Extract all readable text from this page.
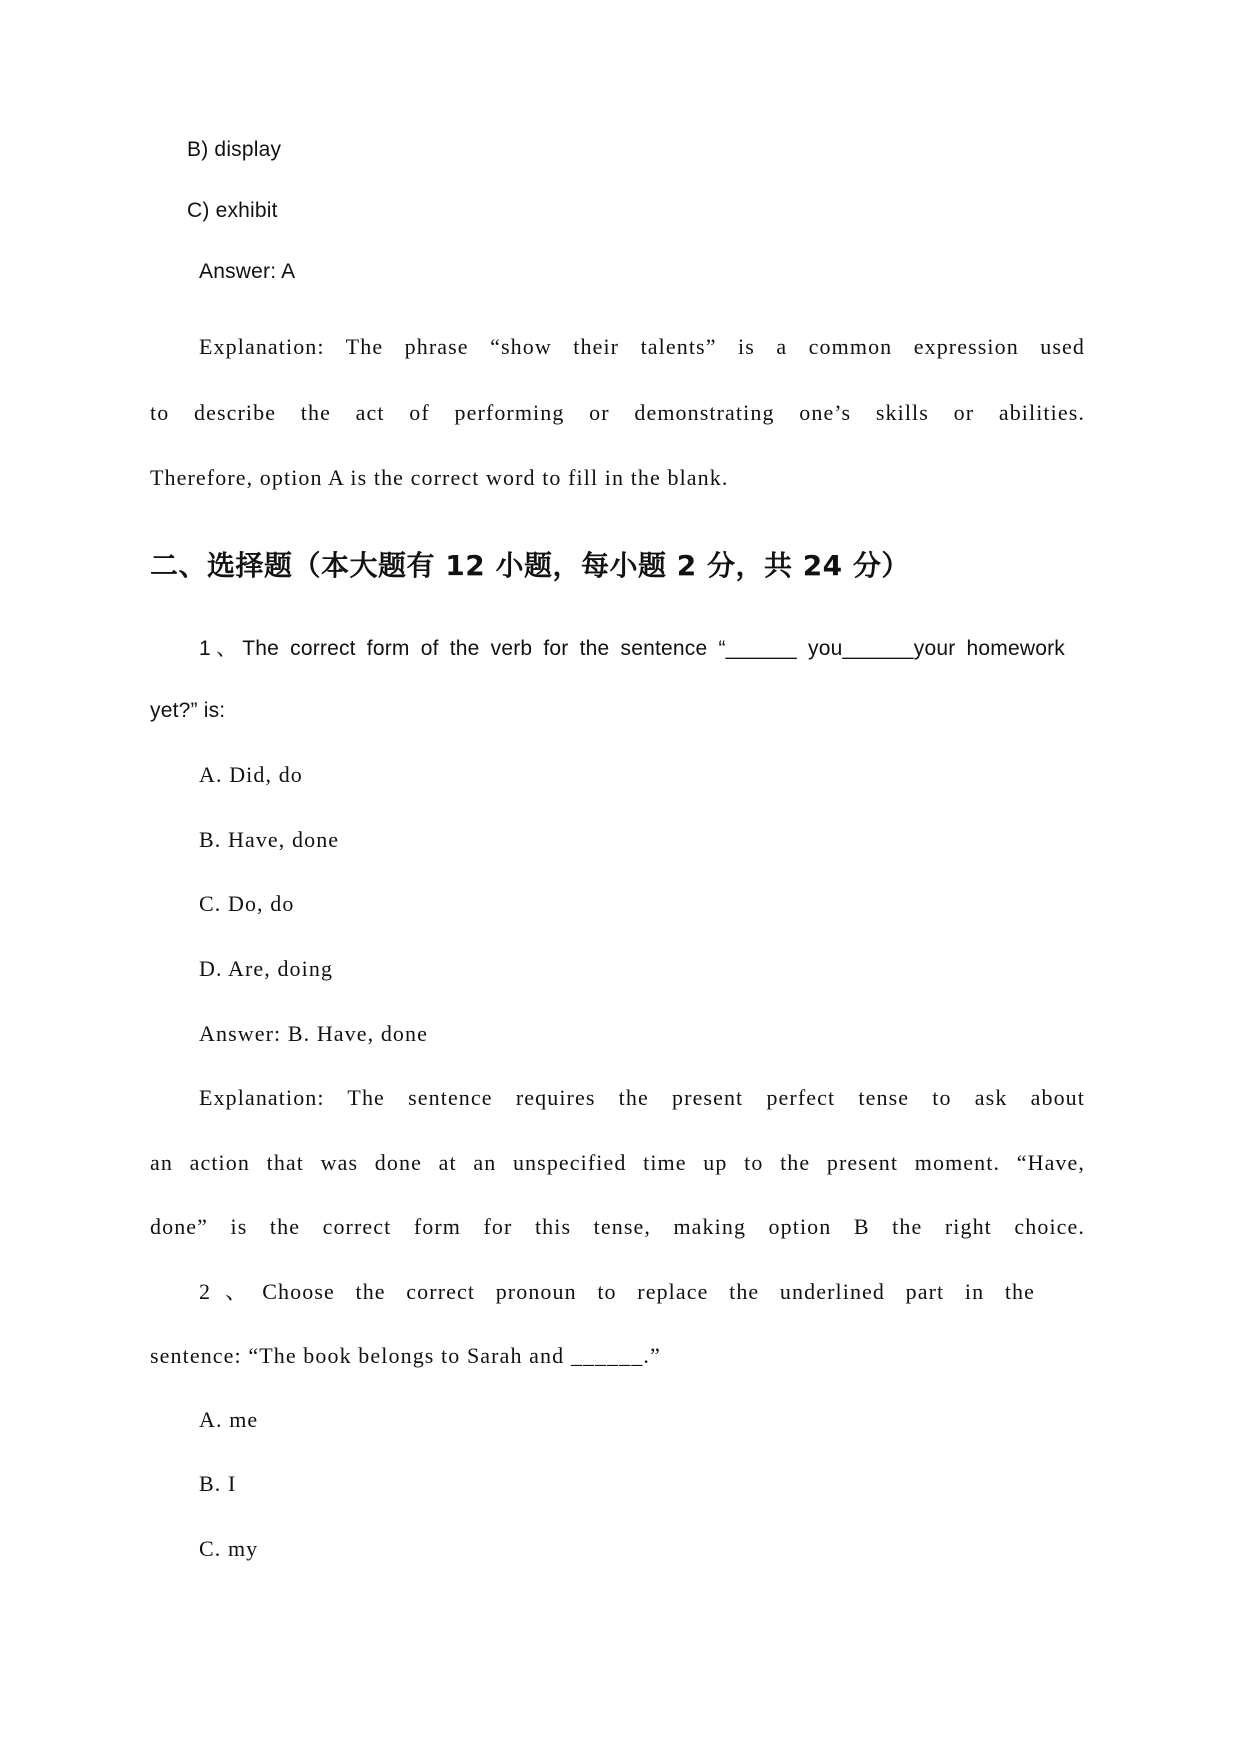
B) display
C) exhibit
Answer: A
Explanation: The phrase “show their talents” is a common expression used
to describe the act of performing or demonstrating one’s skills or abilities.
Therefore, option A is the correct word to fill in the blank.
二、选择题（本大题有 12 小题，每小题 2 分，共 24 分）
1、The correct form of the verb for the sentence “______ you______your homework
yet?” is:
A. Did, do
B. Have, done
C. Do, do
D. Are, doing
Answer: B. Have, done
Explanation: The sentence requires the present perfect tense to ask about
an action that was done at an unspecified time up to the present moment. “Have,
done” is the correct form for this tense, making option B the right choice.
2、Choose the correct pronoun to replace the underlined part in the
sentence: “The book belongs to Sarah and ______.”
A. me
B. I
C. my
